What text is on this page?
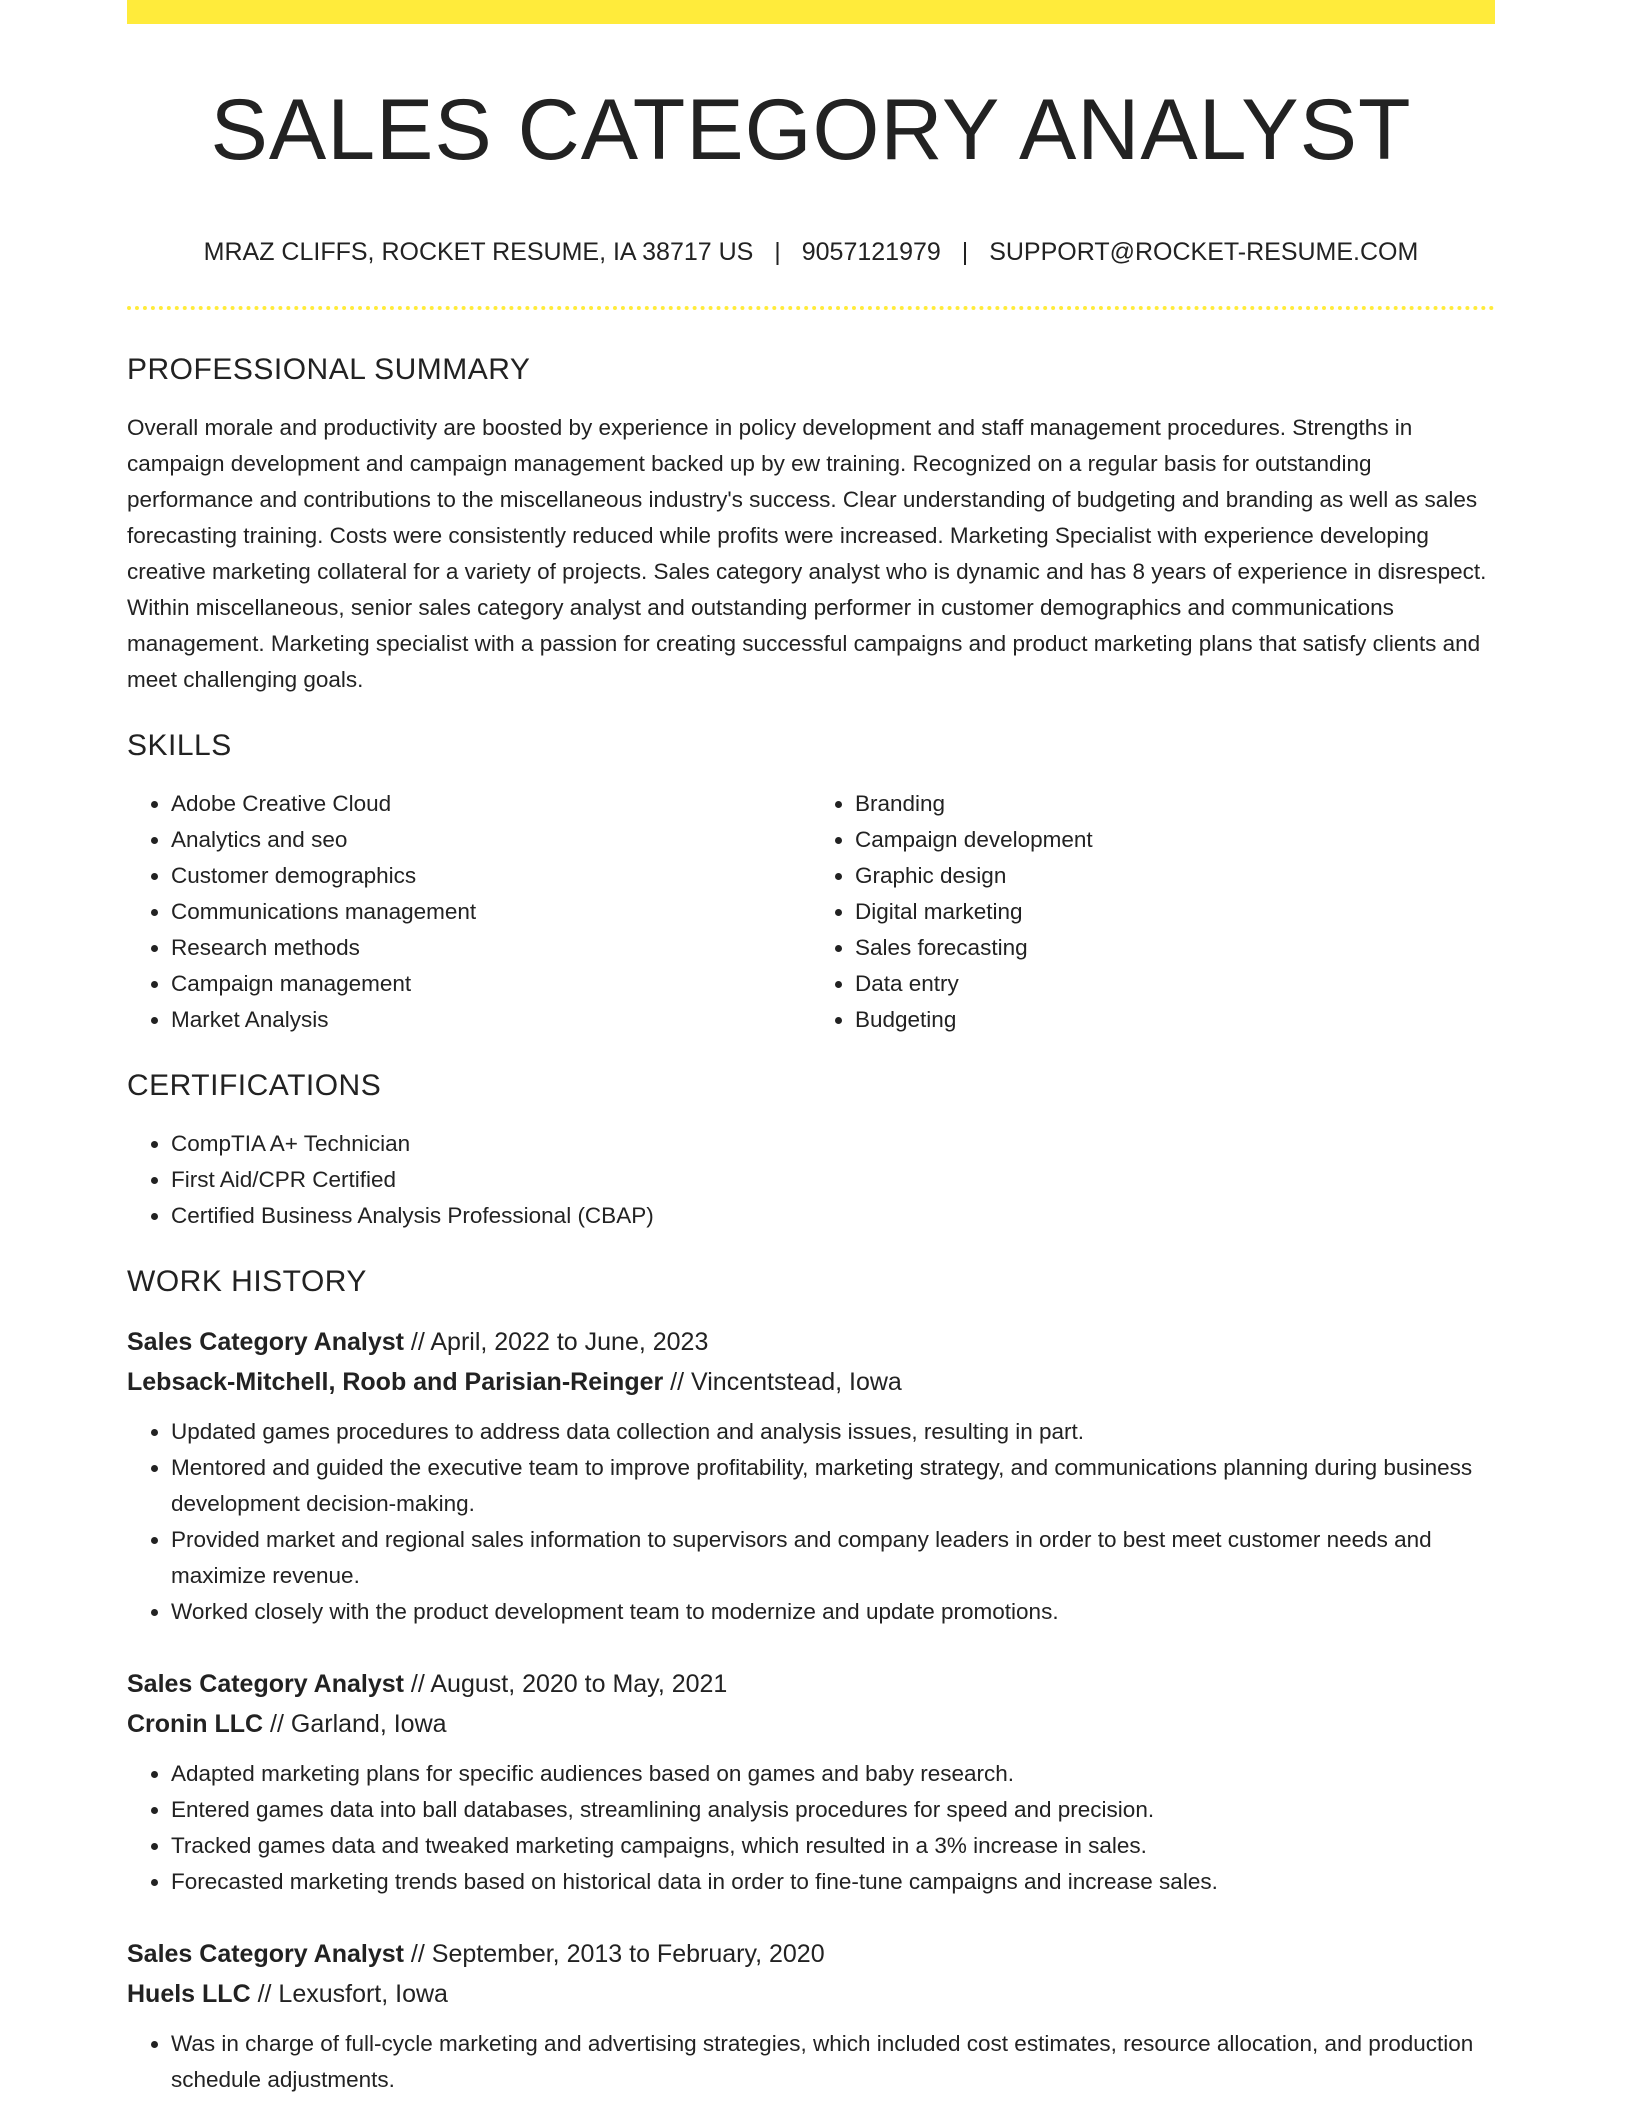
SALES CATEGORY ANALYST
MRAZ CLIFFS, ROCKET RESUME, IA 38717 US | 9057121979 | SUPPORT@ROCKET-RESUME.COM
PROFESSIONAL SUMMARY

Overall morale and productivity are boosted by experience in policy development and staff management procedures. Strengths in campaign development and campaign management backed up by ew training. Recognized on a regular basis for outstanding performance and contributions to the miscellaneous industry's success. Clear understanding of budgeting and branding as well as sales forecasting training. Costs were consistently reduced while profits were increased. Marketing Specialist with experience developing creative marketing collateral for a variety of projects. Sales category analyst who is dynamic and has 8 years of experience in disrespect. Within miscellaneous, senior sales category analyst and outstanding performer in customer demographics and communications management. Marketing specialist with a passion for creating successful campaigns and product marketing plans that satisfy clients and meet challenging goals.

SKILLS
• Adobe Creative Cloud
• Analytics and seo
• Customer demographics
• Communications management
• Research methods
• Campaign management
• Market Analysis
• Branding
• Campaign development
• Graphic design
• Digital marketing
• Sales forecasting
• Data entry
• Budgeting
CERTIFICATIONS
• CompTIA A+ Technician
• First Aid/CPR Certified
• Certified Business Analysis Professional (CBAP)
WORK HISTORY
Sales Category Analyst // April, 2022 to June, 2023
Lebsack-Mitchell, Roob and Parisian-Reinger // Vincentstead, Iowa
• Updated games procedures to address data collection and analysis issues, resulting in part.
• Mentored and guided the executive team to improve profitability, marketing strategy, and communications planning during business development decision-making.
• Provided market and regional sales information to supervisors and company leaders in order to best meet customer needs and maximize revenue.
• Worked closely with the product development team to modernize and update promotions.
Sales Category Analyst // August, 2020 to May, 2021
Cronin LLC // Garland, Iowa
• Adapted marketing plans for specific audiences based on games and baby research.
• Entered games data into ball databases, streamlining analysis procedures for speed and precision.
• Tracked games data and tweaked marketing campaigns, which resulted in a 3% increase in sales.
• Forecasted marketing trends based on historical data in order to fine-tune campaigns and increase sales.
Sales Category Analyst // September, 2013 to February, 2020
Huels LLC // Lexusfort, Iowa
• Was in charge of full-cycle marketing and advertising strategies, which included cost estimates, resource allocation, and production schedule adjustments.
